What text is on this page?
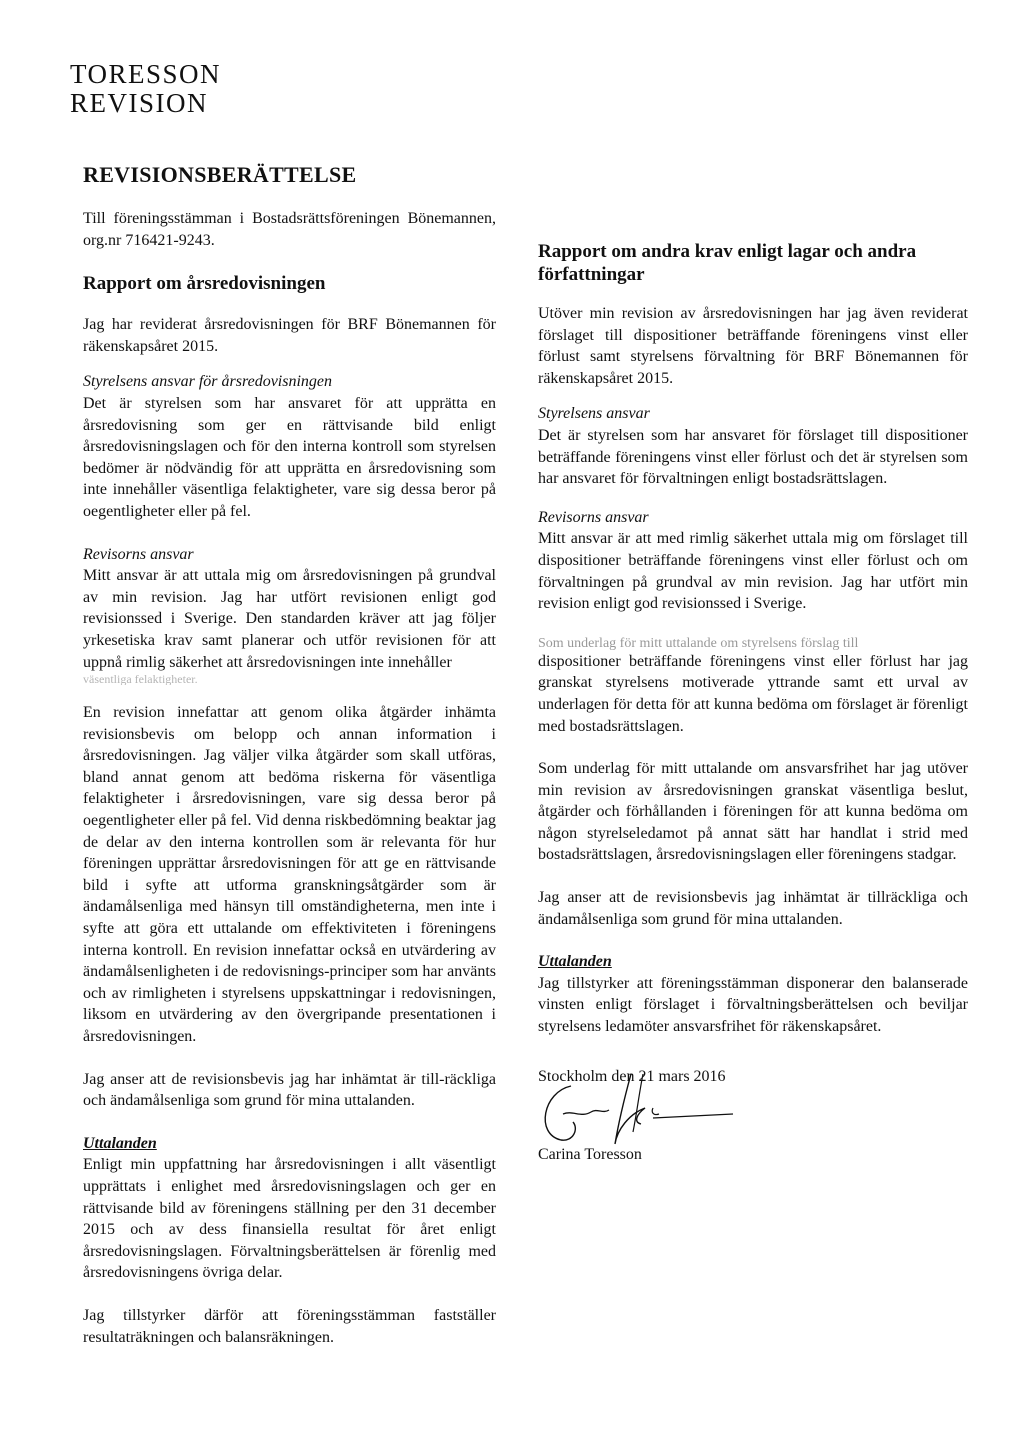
TORESSON
REVISION
REVISIONSBERÄTTELSE

Till föreningsstämman i Bostadsrättsföreningen Bönemannen, org.nr 716421-9243.

Rapport om årsredovisningen

Jag har reviderat årsredovisningen för BRF Bönemannen för räkenskapsåret 2015.

Styrelsens ansvar för årsredovisningen

Det är styrelsen som har ansvaret för att upprätta en årsredovisning som ger en rättvisande bild enligt årsredovisningslagen och för den interna kontroll som styrelsen bedömer är nödvändig för att upprätta en årsredovisning som inte innehåller väsentliga felaktigheter, vare sig dessa beror på oegentligheter eller på fel.

Revisorns ansvar

Mitt ansvar är att uttala mig om årsredovisningen på grundval av min revision. Jag har utfört revisionen enligt god revisionssed i Sverige. Den standarden kräver att jag följer yrkesetiska krav samt planerar och utför revisionen för att uppnå rimlig säkerhet att årsredovisningen inte innehåller

väsentliga felaktigheter.

En revision innefattar att genom olika åtgärder inhämta revisionsbevis om belopp och annan information i årsredovisningen. Jag väljer vilka åtgärder som skall utföras, bland annat genom att bedöma riskerna för väsentliga felaktigheter i årsredovisningen, vare sig dessa beror på oegentligheter eller på fel. Vid denna riskbedömning beaktar jag de delar av den interna kontrollen som är relevanta för hur föreningen upprättar årsredovisningen för att ge en rättvisande bild i syfte att utforma granskningsåtgärder som är ändamålsenliga med hänsyn till omständigheterna, men inte i syfte att göra ett uttalande om effektiviteten i föreningens interna kontroll. En revision innefattar också en utvärdering av ändamålsenligheten i de redovisnings-principer som har använts och av rimligheten i styrelsens uppskattningar i redovisningen, liksom en utvärdering av den övergripande presentationen i årsredovisningen.

Jag anser att de revisionsbevis jag har inhämtat är till-räckliga och ändamålsenliga som grund för mina uttalanden.

Uttalanden

Enligt min uppfattning har årsredovisningen i allt väsentligt upprättats i enlighet med årsredovisningslagen och ger en rättvisande bild av föreningens ställning per den 31 december 2015 och av dess finansiella resultat för året enligt årsredovisningslagen. Förvaltningsberättelsen är förenlig med årsredovisningens övriga delar.

Jag tillstyrker därför att föreningsstämman fastställer resultaträkningen och balansräkningen.

Rapport om andra krav enligt lagar och andra författningar

Utöver min revision av årsredovisningen har jag även reviderat förslaget till dispositioner beträffande föreningens vinst eller förlust samt styrelsens förvaltning för BRF Bönemannen för räkenskapsåret 2015.

Styrelsens ansvar

Det är styrelsen som har ansvaret för förslaget till dispositioner beträffande föreningens vinst eller förlust och det är styrelsen som har ansvaret för förvaltningen enligt bostadsrättslagen.

Revisorns ansvar

Mitt ansvar är att med rimlig säkerhet uttala mig om förslaget till dispositioner beträffande föreningens vinst eller förlust och om förvaltningen på grundval av min revision. Jag har utfört min revision enligt god revisionssed i Sverige.

Som underlag för mitt uttalande om styrelsens förslag till

dispositioner beträffande föreningens vinst eller förlust har jag granskat styrelsens motiverade yttrande samt ett urval av underlagen för detta för att kunna bedöma om förslaget är förenligt med bostadsrättslagen.

Som underlag för mitt uttalande om ansvarsfrihet har jag utöver min revision av årsredovisningen granskat väsentliga beslut, åtgärder och förhållanden i föreningen för att kunna bedöma om någon styrelseledamot på annat sätt har handlat i strid med bostadsrättslagen, årsredovisningslagen eller föreningens stadgar.

Jag anser att de revisionsbevis jag inhämtat är tillräckliga och ändamålsenliga som grund för mina uttalanden.

Uttalanden

Jag tillstyrker att föreningsstämman disponerar den balanserade vinsten enligt förslaget i förvaltningsberättelsen och beviljar styrelsens ledamöter ansvarsfrihet för räkenskapsåret.

Stockholm den 21 mars 2016
Carina Toresson
